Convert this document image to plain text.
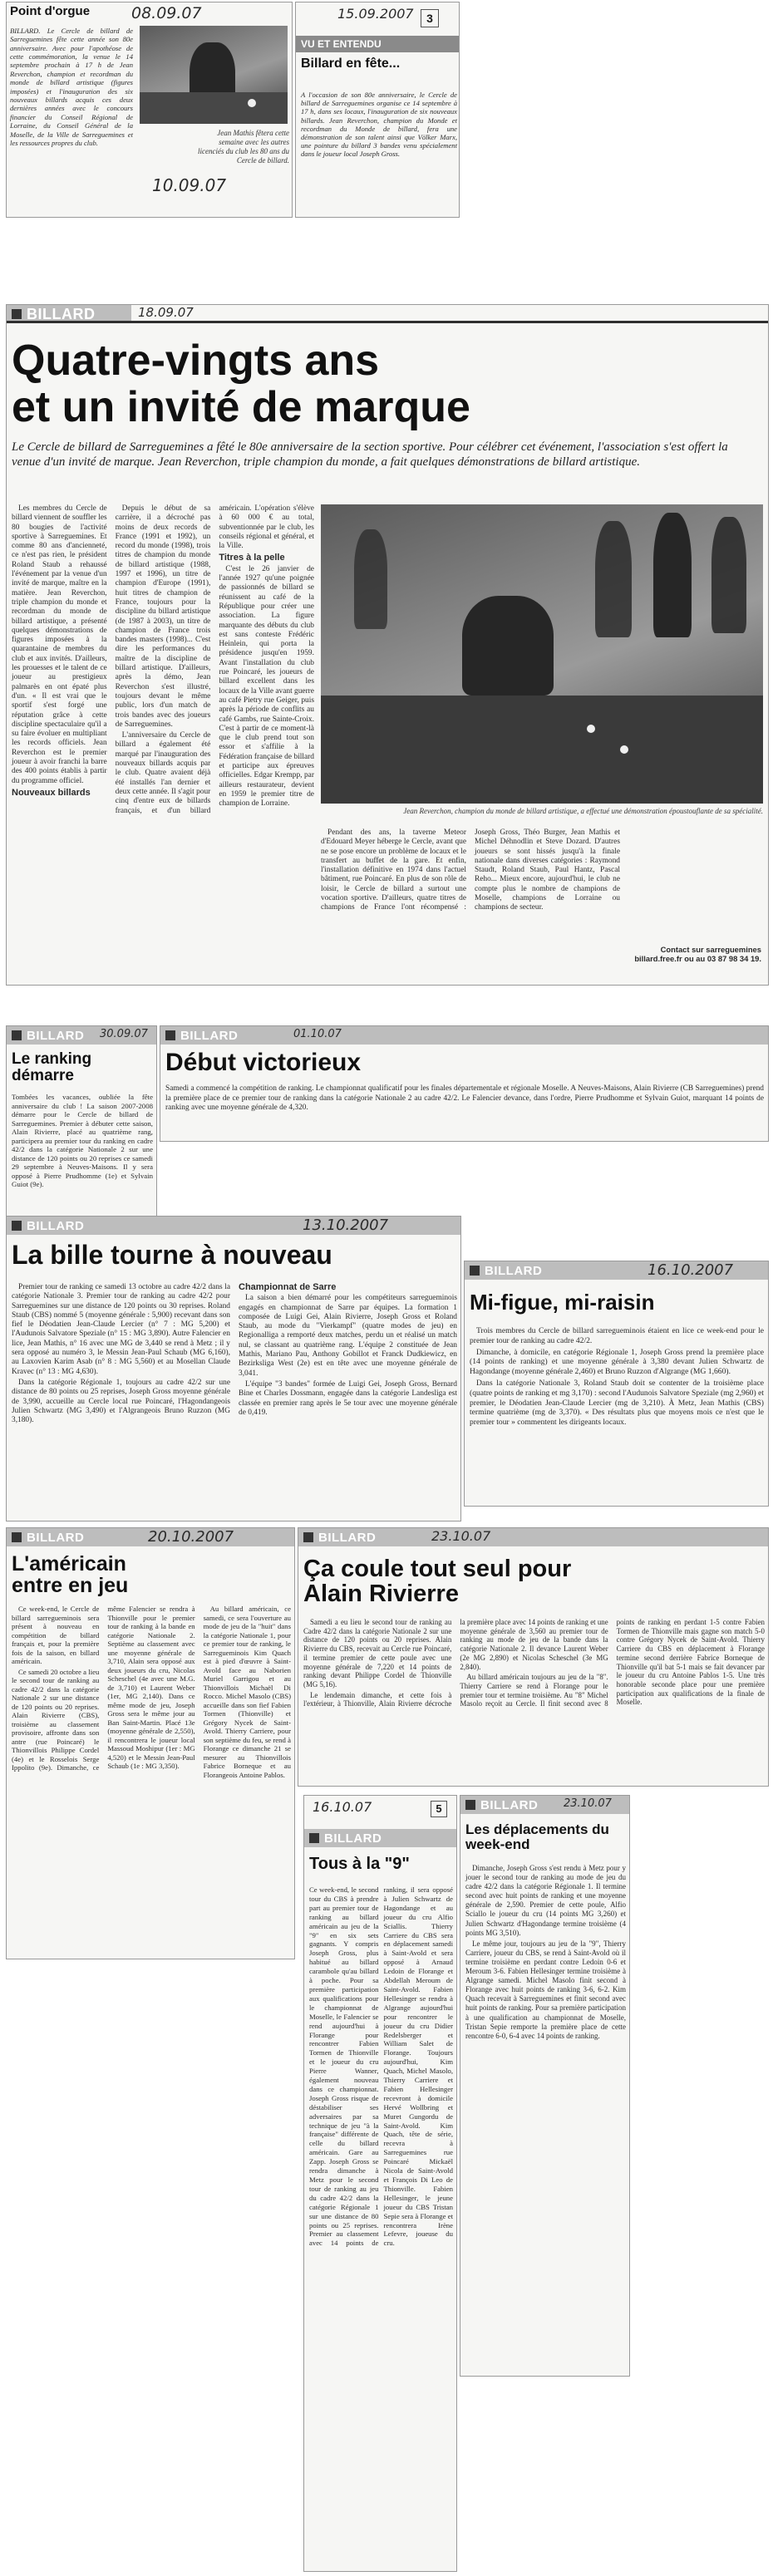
Point d'orgue
BILLARD. Le Cercle de billard de Sarreguemines fête cette année son 80e anniversaire. Avec pour l'apothéose de cette commémoration, la venue le 14 septembre prochain à 17 h de Jean Reverchon, champion et recordman du monde de billard artistique (figures imposées) et l'inauguration des six nouveaux billards acquis ces deux dernières années avec le concours financier du Conseil Régional de Lorraine, du Conseil Général de la Moselle, de la Ville de Sarreguemines et les ressources propres du club.
08.09.07
Jean Mathis fêtera cette semaine avec les autres licenciés du club les 80 ans du Cercle de billard.
10.09.07
15.09.2007	3
VU ET ENTENDU
Billard en fête...
A l'occasion de son 80e anniversaire, le Cercle de billard de Sarreguemines organise ce 14 septembre à 17 h, dans ses locaux, l'inauguration de six nouveaux billards. Jean Reverchon, champion du Monde et recordman du Monde de billard, fera une démonstration de son talent ainsi que Völker Marx, une pointure du billard 3 bandes venu spécialement dans le joueur local Joseph Gross.
BILLARD	18.09.07
Quatre-vingts ans
et un invité de marque
Le Cercle de billard de Sarreguemines a fêté le 80e anniversaire de la section sportive. Pour célébrer cet événement, l'association s'est offert la venue d'un invité de marque. Jean Reverchon, triple champion du monde, a fait quelques démonstrations de billard artistique.

Les membres du Cercle de billard viennent de souffler les 80 bougies de l'activité sportive à Sarreguemines. Et comme 80 ans d'ancienneté, ce n'est pas rien, le président Roland Staub a rehaussé l'événement par la venue d'un invité de marque, maître en la matière. Jean Reverchon, triple champion du monde et recordman du monde de billard artistique, a présenté quelques démonstrations de figures imposées à la quarantaine de membres du club et aux invités. D'ailleurs, les prouesses et le talent de ce joueur au prestigieux palmarès en ont épaté plus d'un. « Il est vrai que le sportif s'est forgé une réputation grâce à cette discipline spectaculaire qu'il a su faire évoluer en multipliant les records officiels. Jean Reverchon est le premier joueur à avoir franchi la barre des 400 points établis à partir du programme officiel.

Nouveaux billards

Depuis le début de sa carrière, il a décroché pas moins de deux records de France (1991 et 1992), un record du monde (1998), trois titres de champion du monde de billard artistique (1988, 1997 et 1996), un titre de champion d'Europe (1991), huit titres de champion de France, toujours pour la discipline du billard artistique (de 1987 à 2003), un titre de champion de France trois bandes masters (1998)... C'est dire les performances du maître de la discipline de billard artistique. D'ailleurs, après la démo, Jean Reverchon s'est illustré, toujours devant le même public, lors d'un match de trois bandes avec des joueurs de Sarreguemines.

L'anniversaire du Cercle de billard a également été marqué par l'inauguration des nouveaux billards acquis par le club. Quatre avaient déjà été installés l'an dernier et deux cette année. Il s'agit pour cinq d'entre eux de billards français, et d'un billard américain. L'opération s'élève à 60 000 € au total, subventionnée par le club, les conseils régional et général, et la Ville.

Titres à la pelle

C'est le 26 janvier de l'année 1927 qu'une poignée de passionnés de billard se réunissent au café de la République pour créer une association. La figure marquante des débuts du club est sans conteste Frédéric Heinlein, qui porta la présidence jusqu'en 1959. Avant l'installation du club rue Poincaré, les joueurs de billard excellent dans les locaux de la Ville avant guerre au café Pietry rue Geiger, puis après la période de conflits au café Gambs, rue Sainte-Croix. C'est à partir de ce moment-là que le club prend tout son essor et s'affilie à la Fédération française de billard et participe aux épreuves officielles. Edgar Krempp, par ailleurs restaurateur, devient en 1959 le premier titre de champion de Lorraine.

Jean Reverchon, champion du monde de billard artistique, a effectué une démonstration époustouflante de sa spécialité.

Pendant des ans, la taverne Meteor d'Edouard Meyer héberge le Cercle, avant que ne se pose encore un problème de locaux et le transfert au buffet de la gare. Et enfin, l'installation définitive en 1974 dans l'actuel bâtiment, rue Poincaré. En plus de son rôle de loisir, le Cercle de billard a surtout une vocation sportive. D'ailleurs, quatre titres de champions de France l'ont récompensé : Joseph Gross, Théo Burger, Jean Mathis et Michel Déhnodlin et Steve Dozard. D'autres joueurs se sont hissés jusqu'à la finale nationale dans diverses catégories : Raymond Staudt, Roland Staub, Paul Hantz, Pascal Reho... Mieux encore, aujourd'hui, le club ne compte plus le nombre de champions de Moselle, champions de Lorraine ou champions de secteur.

Contact sur sarreguemines billard.free.fr ou au 03 87 98 34 19.
BILLARD 30.09.07
Le ranking démarre
Tombées les vacances, oubliée la fête anniversaire du club ! La saison 2007-2008 démarre pour le Cercle de billard de Sarreguemines. Premier à débuter cette saison, Alain Rivierre, placé au quatrième rang, participera au premier tour du ranking en cadre 42/2 dans la catégorie Nationale 2 sur une distance de 120 points ou 20 reprises ce samedi 29 septembre à Neuves-Maisons. Il y sera opposé à Pierre Prudhomme (1e) et Sylvain Guiot (9e).
BILLARD	01.10.07
Début victorieux
Samedi a commencé la compétition de ranking. Le championnat qualificatif pour les finales départementale et régionale Moselle. A Neuves-Maisons, Alain Rivierre (CB Sarreguemines) prend la première place de ce premier tour de ranking dans la catégorie Nationale 2 au cadre 42/2. Le Falencier devance, dans l'ordre, Pierre Prudhomme et Sylvain Guiot, marquant 14 points de ranking avec une moyenne générale de 4,320.
BILLARD	13.10.2007
La bille tourne à nouveau

Premier tour de ranking ce samedi 13 octobre au cadre 42/2 dans la catégorie Nationale 3. Premier tour de ranking au cadre 42/2 pour Sarreguemines sur une distance de 120 points ou 30 reprises. Roland Staub (CBS) nommé 5 (moyenne générale : 5,900) recevant dans son fief le Déodatien Jean-Claude Lercier (n° 7 : MG 5,200) et l'Audunois Salvatore Speziale (n° 15 : MG 3,890). Autre Falencier en lice, Jean Mathis, n° 16 avec une MG de 3,440 se rend à Metz ; il y sera opposé au numéro 3, le Messin Jean-Paul Schaub (MG 6,160), au Laxovien Karim Asab (n° 8 : MG 5,560) et au Mosellan Claude Kravec (n° 13 : MG 4,630).

Dans la catégorie Régionale 1, toujours au cadre 42/2 sur une distance de 80 points ou 25 reprises, Joseph Gross moyenne générale de 3,990, accueille au Cercle local rue Poincaré, l'Hagondangeois Julien Schwartz (MG 3,490) et l'Algrangeois Bruno Ruzzon (MG 3,180).

Championnat de Sarre

La saison a bien démarré pour les compétiteurs sarregueminois engagés en championnat de Sarre par équipes. La formation 1 composée de Luigi Gei, Alain Rivierre, Joseph Gross et Roland Staub, au mode du "Vierkampf" (quatre modes de jeu) en Regionalliga a remporté deux matches, perdu un et réalisé un match nul, se classant au quatrième rang. L'équipe 2 constituée de Jean Mathis, Mariano Pau, Anthony Gobillot et Franck Dudkiewicz, en Bezirksliga West (2e) est en tête avec une moyenne générale de 3,041.

L'équipe "3 bandes" formée de Luigi Gei, Joseph Gross, Bernard Bine et Charles Dossmann, engagée dans la catégorie Landesliga est classée en premier rang après le 5e tour avec une moyenne générale de 0,419.

BILLARD	16.10.2007
Mi-figue, mi-raisin

Trois membres du Cercle de billard sarregueminois étaient en lice ce week-end pour le premier tour de ranking au cadre 42/2.

Dimanche, à domicile, en catégorie Régionale 1, Joseph Gross prend la première place (14 points de ranking) et une moyenne générale à 3,380 devant Julien Schwartz de Hagondange (moyenne générale 2,460) et Bruno Ruzzon d'Algrange (MG 1,660).

Dans la catégorie Nationale 3, Roland Staub doit se contenter de la troisième place (quatre points de ranking et mg 3,170) : second l'Audunois Salvatore Speziale (mg 2,960) et premier, le Déodatien Jean-Claude Lercier (mg de 3,210). À Metz, Jean Mathis (CBS) termine quatrième (mg de 3,370). « Des résultats plus que moyens mois ce n'est que le premier tour » commentent les dirigeants locaux.

BILLARD	20.10.2007
L'américain entre en jeu

Ce week-end, le Cercle de billard sarregueminois sera présent à nouveau en compétition de billard français et, pour la première fois de la saison, en billard américain.

Ce samedi 20 octobre a lieu le second tour de ranking au cadre 42/2 dans la catégorie Nationale 2 sur une distance de 120 points ou 20 reprises. Alain Rivierre (CBS), troisième au classement provisoire, affronte dans son antre (rue Poincaré) le Thionvillois Philippe Cordel (4e) et le Rosselois Serge Ippolito (9e). Dimanche, ce même Falencier se rendra à Thionville pour le premier tour de ranking à la bande en catégorie Nationale 2. Septième au classement avec une moyenne générale de 3,710, Alain sera opposé aux deux joueurs du cru, Nicolas Scheschel (4e avec une M.G. de 3,710) et Laurent Weber (1er, MG 2,140). Dans ce même mode de jeu, Joseph Gross sera le même jour au Ban Saint-Martin. Placé 13e (moyenne générale de 2,550), il rencontrera le joueur local Massoud Moshipur (1er : MG 4,520) et le Messin Jean-Paul Schaub (1e : MG 3,350).

Au billard américain, ce samedi, ce sera l'ouverture au mode de jeu de la "huit" dans la catégorie Nationale 1, pour ce premier tour de ranking, le Sarregueminois Kim Quach est à pied d'œuvre à Saint-Avold face au Naborien Muriel Garrigou et au Thionvillois Michaël Di Rocco. Michel Masolo (CBS) accueille dans son fief Fabien Tormen (Thionville) et Grégory Nycek de Saint-Avold. Thierry Carriere, pour son septième du feu, se rend à Florange ce dimanche 21 se mesurer au Thionvillois Fabrice Borneque et au Florangeois Antoine Pablos.

BILLARD	23.10.07
Ça coule tout seul pour Alain Rivierre

Samedi a eu lieu le second tour de ranking au Cadre 42/2 dans la catégorie Nationale 2 sur une distance de 120 points ou 20 reprises. Alain Rivierre du CBS, recevait au Cercle rue Poincaré, il termine premier de cette poule avec une moyenne générale de 7,220 et 14 points de ranking devant Philippe Cordel de Thionville (MG 5,16).

Le lendemain dimanche, et cette fois à l'extérieur, à Thionville, Alain Rivierre décroche la première place avec 14 points de ranking et une moyenne générale de 3,560 au premier tour de ranking au mode de jeu de la bande dans la catégorie Nationale 2. Il devance Laurent Weber (2e MG 2,890) et Nicolas Scheschel (3e MG 2,840).

Au billard américain toujours au jeu de la "8". Thierry Carriere se rend à Florange pour le premier tour et termine troisième. Au "8" Michel Masolo reçoit au Cercle. Il finit second avec 8 points de ranking en perdant 1-5 contre Fabien Tormen de Thionville mais gagne son match 5-0 contre Grégory Nycek de Saint-Avold. Thierry Carriere du CBS en déplacement à Florange termine second derrière Fabrice Borneque de Thionville qu'il bat 5-1 mais se fait devancer par le joueur du cru Antoine Pablos 1-5. Une très honorable seconde place pour une première participation aux qualifications de la finale de Moselle.

16.10.07	5
BILLARD
Tous à la "9"
Ce week-end, le second tour du CBS à prendre part au premier tour de ranking au billard américain au jeu de la "9" en six sets gagnants. Y compris Joseph Gross, plus habitué au billard carambole qu'au billard à poche. Pour sa première participation aux qualifications pour le championnat de Moselle, le Falencier se rend aujourd'hui à Florange pour rencontrer Fabien Tormen de Thionville et le joueur du cru Pierre Wanner, également nouveau dans ce championnat. Joseph Gross risque de déstabiliser ses adversaires par sa technique de jeu "à la française" différente de celle du billard américain. Gare au Zapp. Joseph Gross se rendra dimanche à Metz pour le second tour de ranking au jeu du cadre 42/2 dans la catégorie Régionale 1 sur une distance de 80 points ou 25 reprises. Premier au classement avec 14 points de ranking, il sera opposé à Julien Schwartz de Hagondange et au joueur du cru Alfio Sciallis. Thierry Carriere du CBS sera en déplacement samedi à Saint-Avold et sera opposé à Arnaud Ledoin de Florange et Abdellah Meroum de Saint-Avold. Fabien Hellesinger se rendra à Algrange aujourd'hui pour rencontrer le joueur du cru Didier Redelsberger et William Salet de Florange. Toujours aujourd'hui, Kim Quach, Michel Masolo, Thierry Carriere et Fabien Hellesinger recevront à domicile Hervé Wollbring et Muret Gungordu de Saint-Avold. Kim Quach, tête de série, recevra à Sarreguemines rue Poincaré Mickaël Nicola de Saint-Avold et François Di Leo de Thionville. Fabien Hellesinger, le jeune joueur du CBS Tristan Sepie sera à Florange et rencontrera Irène Lefevre, joueuse du cru.
BILLARD 23.10.07
Les déplacements du week-end

Dimanche, Joseph Gross s'est rendu à Metz pour y jouer le second tour de ranking au mode de jeu du cadre 42/2 dans la catégorie Régionale 1. Il termine second avec huit points de ranking et une moyenne générale de 2,590. Premier de cette poule, Alfio Sciallo le joueur du cru (14 points MG 3,260) et Julien Schwartz d'Hagondange termine troisième (4 points MG 3,510).

Le même jour, toujours au jeu de la "9", Thierry Carriere, joueur du CBS, se rend à Saint-Avold où il termine troisième en perdant contre Ledoin 0-6 et Meroum 3-6. Fabien Hellesinger termine troisième à Algrange samedi. Michel Masolo finit second à Florange avec huit points de ranking 3-6, 6-2. Kim Quach recevait à Sarreguemines et finit second avec huit points de ranking. Pour sa première participation à une qualification au championnat de Moselle, Tristan Sepie remporte la première place de cette rencontre 6-0, 6-4 avec 14 points de ranking.
